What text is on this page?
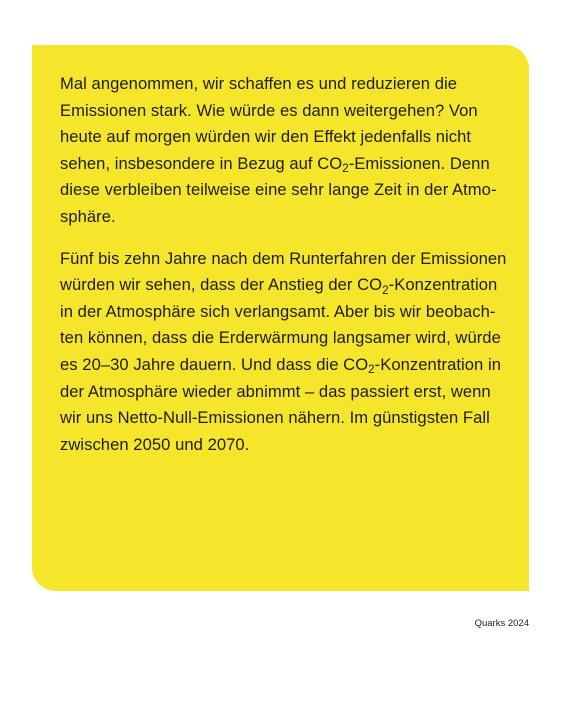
Mal angenommen, wir schaffen es und reduzieren die
Emissionen stark. Wie würde es dann weitergehen? Von
heute auf morgen würden wir den Effekt jedenfalls nicht
sehen, insbesondere in Bezug auf $CO_2$-Emissionen. Denn
diese verbleiben teilweise eine sehr lange Zeit in der Atmo-
sphäre.

Fünf bis zehn Jahre nach dem Runterfahren der Emissionen
würden wir sehen, dass der Anstieg der $CO_2$-Konzentration
in der Atmosphäre sich verlangsamt. Aber bis wir beobach-
ten können, dass die Erderwärmung langsamer wird, würde
es 20–30 Jahre dauern. Und dass die $CO_2$-Konzentration in
der Atmosphäre wieder abnimmt – das passiert erst, wenn
wir uns Netto-Null-Emissionen nähern. Im günstigsten Fall
zwischen 2050 und 2070.

Quarks 2024
